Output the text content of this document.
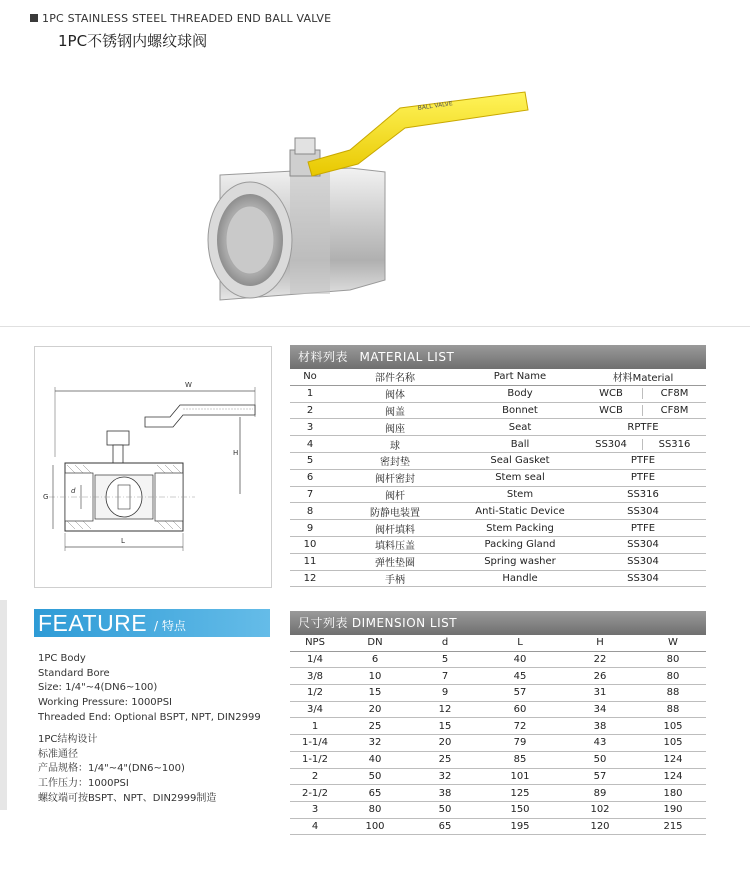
1PC STAINLESS STEEL THREADED END BALL VALVE
1PC不锈钢内螺纹球阀
BALL VALVE
W
H
G
d
L
材料列表 MATERIAL LIST
No	部件名称	Part Name	材料Material
1	阀体	Body	WCB CF8M
2	阀盖	Bonnet	WCB CF8M
3	阀座	Seat	RPTFE
4	球	Ball	SS304 SS316
5	密封垫	Seal Gasket	PTFE
6	阀杆密封	Stem seal	PTFE
7	阀杆	Stem	SS316
8	防静电装置	Anti-Static Device	SS304
9	阀杆填料	Stem Packing	PTFE
10	填料压盖	Packing Gland	SS304
11	弹性垫圈	Spring washer	SS304
12	手柄	Handle	SS304
FEATURE / 特点
1PC Body
Standard Bore
Size: 1/4"~4(DN6~100)
Working Pressure: 1000PSI
Threaded End: Optional BSPT, NPT, DIN2999
1PC结构设计
标准通径
产品规格：1/4"~4"(DN6~100)
工作压力：1000PSI
螺纹端可按BSPT、NPT、DIN2999制造
尺寸列表 DIMENSION LIST
NPS	DN	d	L	H	W
1/4	6	5	40	22	80
3/8	10	7	45	26	80
1/2	15	9	57	31	88
3/4	20	12	60	34	88
1	25	15	72	38	105
1-1/4	32	20	79	43	105
1-1/2	40	25	85	50	124
2	50	32	101	57	124
2-1/2	65	38	125	89	180
3	80	50	150	102	190
4	100	65	195	120	215
